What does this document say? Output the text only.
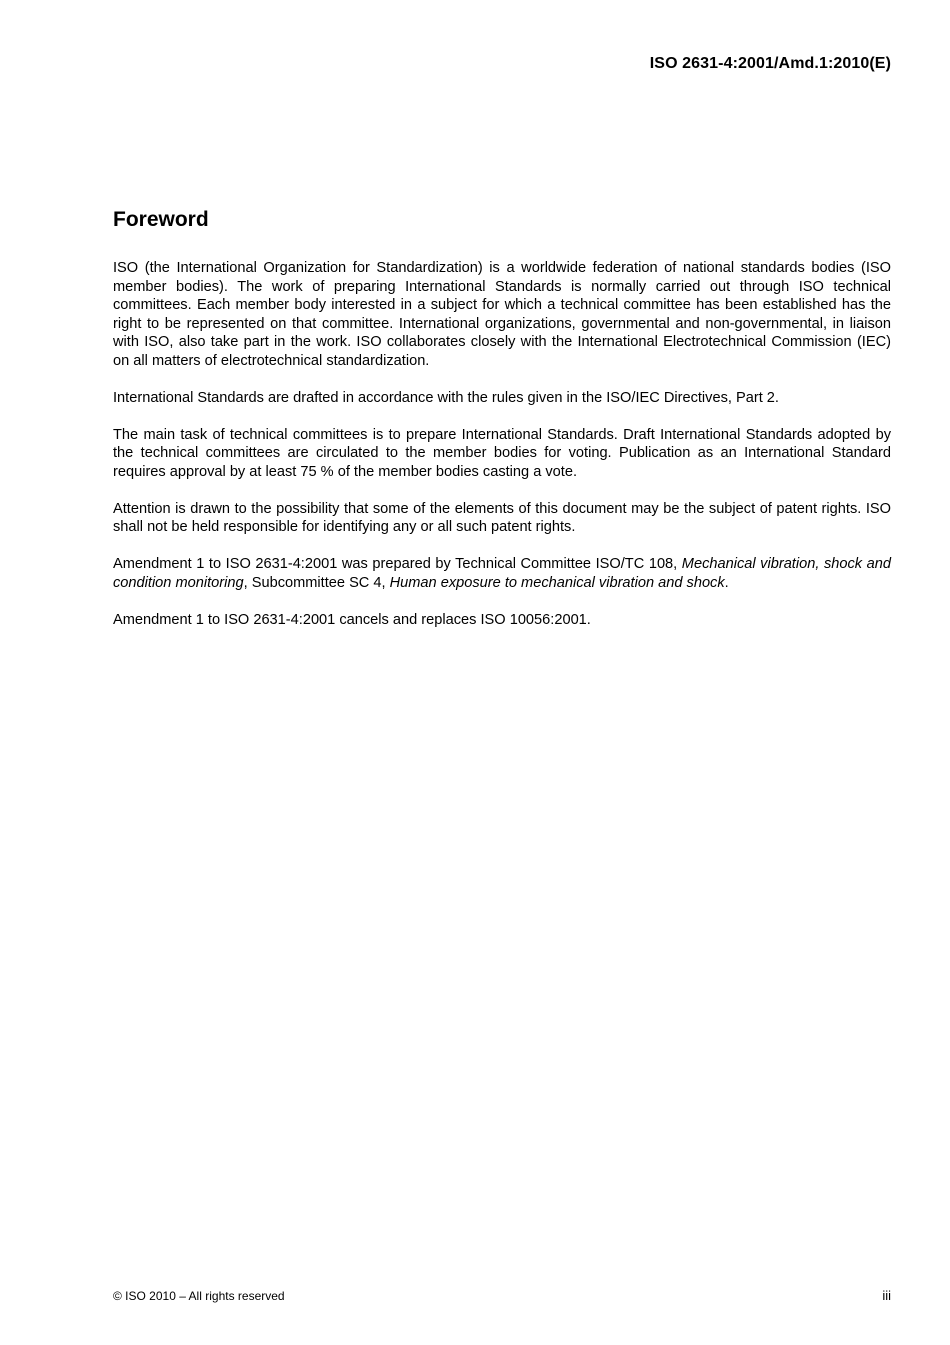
ISO 2631-4:2001/Amd.1:2010(E)
Foreword

ISO (the International Organization for Standardization) is a worldwide federation of national standards bodies (ISO member bodies). The work of preparing International Standards is normally carried out through ISO technical committees. Each member body interested in a subject for which a technical committee has been established has the right to be represented on that committee. International organizations, governmental and non-governmental, in liaison with ISO, also take part in the work. ISO collaborates closely with the International Electrotechnical Commission (IEC) on all matters of electrotechnical standardization.

International Standards are drafted in accordance with the rules given in the ISO/IEC Directives, Part 2.

The main task of technical committees is to prepare International Standards. Draft International Standards adopted by the technical committees are circulated to the member bodies for voting. Publication as an International Standard requires approval by at least 75 % of the member bodies casting a vote.

Attention is drawn to the possibility that some of the elements of this document may be the subject of patent rights. ISO shall not be held responsible for identifying any or all such patent rights.

Amendment 1 to ISO 2631-4:2001 was prepared by Technical Committee ISO/TC 108, Mechanical vibration, shock and condition monitoring, Subcommittee SC 4, Human exposure to mechanical vibration and shock.

Amendment 1 to ISO 2631-4:2001 cancels and replaces ISO 10056:2001.

© ISO 2010 – All rights reserved	iii
